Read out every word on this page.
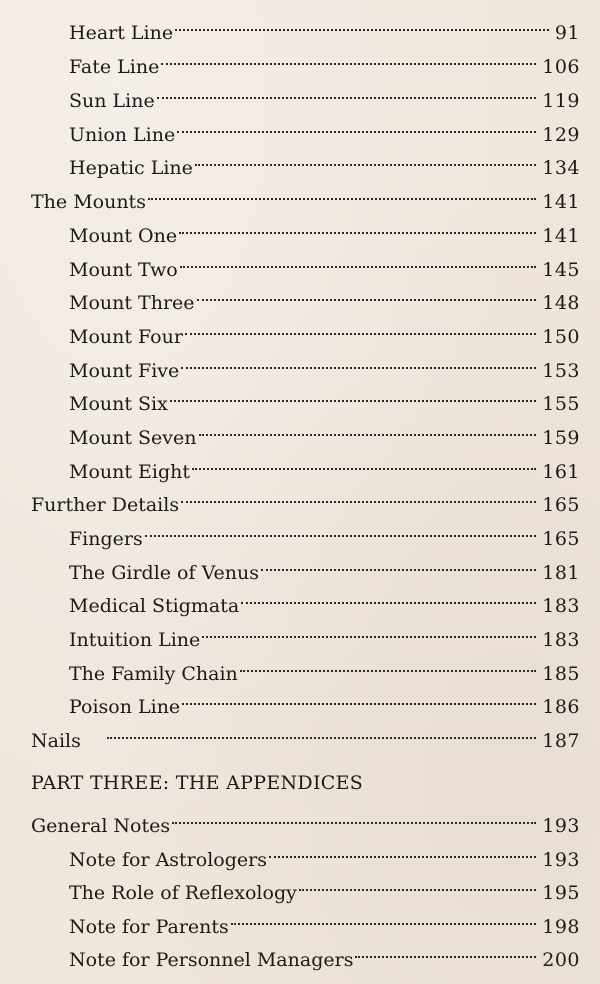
Heart Line	91
Fate Line	106
Sun Line	119
Union Line	129
Hepatic Line	134
The Mounts	141
Mount One	141
Mount Two	145
Mount Three	148
Mount Four	150
Mount Five	153
Mount Six	155
Mount Seven	159
Mount Eight	161
Further Details	165
Fingers	165
The Girdle of Venus	181
Medical Stigmata	183
Intuition Line	183
The Family Chain	185
Poison Line	186
Nails	187
PART THREE: THE APPENDICES
General Notes	193
Note for Astrologers	193
The Role of Reflexology	195
Note for Parents	198
Note for Personnel Managers	200
